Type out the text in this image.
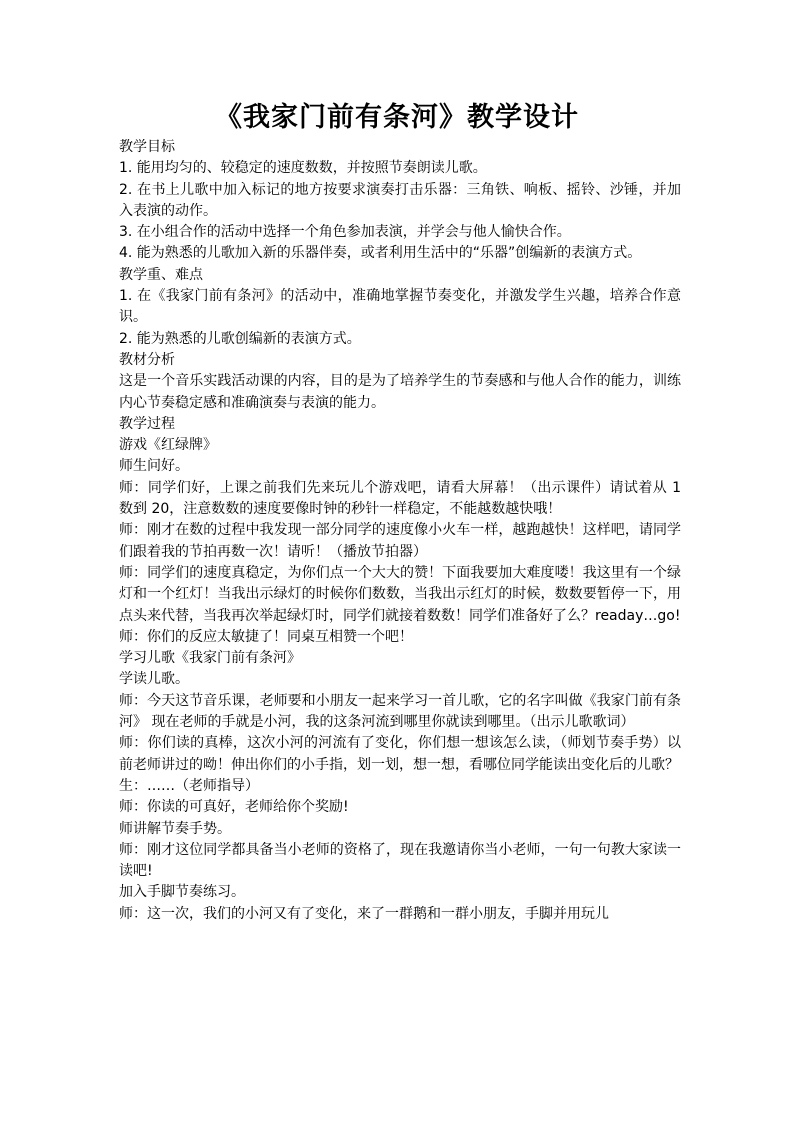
《我家门前有条河》教学设计

教学目标

1. 能用均匀的、较稳定的速度数数，并按照节奏朗读儿歌。

2. 在书上儿歌中加入标记的地方按要求演奏打击乐器：三角铁、响板、摇铃、沙锤，并加入表演的动作。

3. 在小组合作的活动中选择一个角色参加表演，并学会与他人愉快合作。

4. 能为熟悉的儿歌加入新的乐器伴奏，或者利用生活中的“乐器”创编新的表演方式。

教学重、难点

1. 在《我家门前有条河》的活动中，准确地掌握节奏变化，并激发学生兴趣，培养合作意识。

2. 能为熟悉的儿歌创编新的表演方式。

教材分析

这是一个音乐实践活动课的内容，目的是为了培养学生的节奏感和与他人合作的能力，训练内心节奏稳定感和准确演奏与表演的能力。

教学过程

游戏《红绿牌》

师生问好。

师：同学们好，上课之前我们先来玩儿个游戏吧，请看大屏幕！（出示课件）请试着从 1 数到 20，注意数数的速度要像时钟的秒针一样稳定，不能越数越快哦！

师：刚才在数的过程中我发现一部分同学的速度像小火车一样，越跑越快！这样吧，请同学们跟着我的节拍再数一次！请听！（播放节拍器）

师：同学们的速度真稳定，为你们点一个大大的赞！下面我要加大难度喽！我这里有一个绿灯和一个红灯！当我出示绿灯的时候你们数数，当我出示红灯的时候，数数要暂停一下，用点头来代替，当我再次举起绿灯时，同学们就接着数数！同学们准备好了么？readay…go!

师：你们的反应太敏捷了！同桌互相赞一个吧！

学习儿歌《我家门前有条河》

学读儿歌。

师：今天这节音乐课，老师要和小朋友一起来学习一首儿歌，它的名字叫做《我家门前有条河》 现在老师的手就是小河，我的这条河流到哪里你就读到哪里。（出示儿歌歌词）

师：你们读的真棒，这次小河的河流有了变化，你们想一想该怎么读，（师划节奏手势）以前老师讲过的呦！伸出你们的小手指，划一划，想一想，看哪位同学能读出变化后的儿歌？

生：……（老师指导）

师：你读的可真好，老师给你个奖励!

师讲解节奏手势。

师：刚才这位同学都具备当小老师的资格了，现在我邀请你当小老师，一句一句教大家读一读吧!

加入手脚节奏练习。

师：这一次，我们的小河又有了变化，来了一群鹅和一群小朋友，手脚并用玩儿
